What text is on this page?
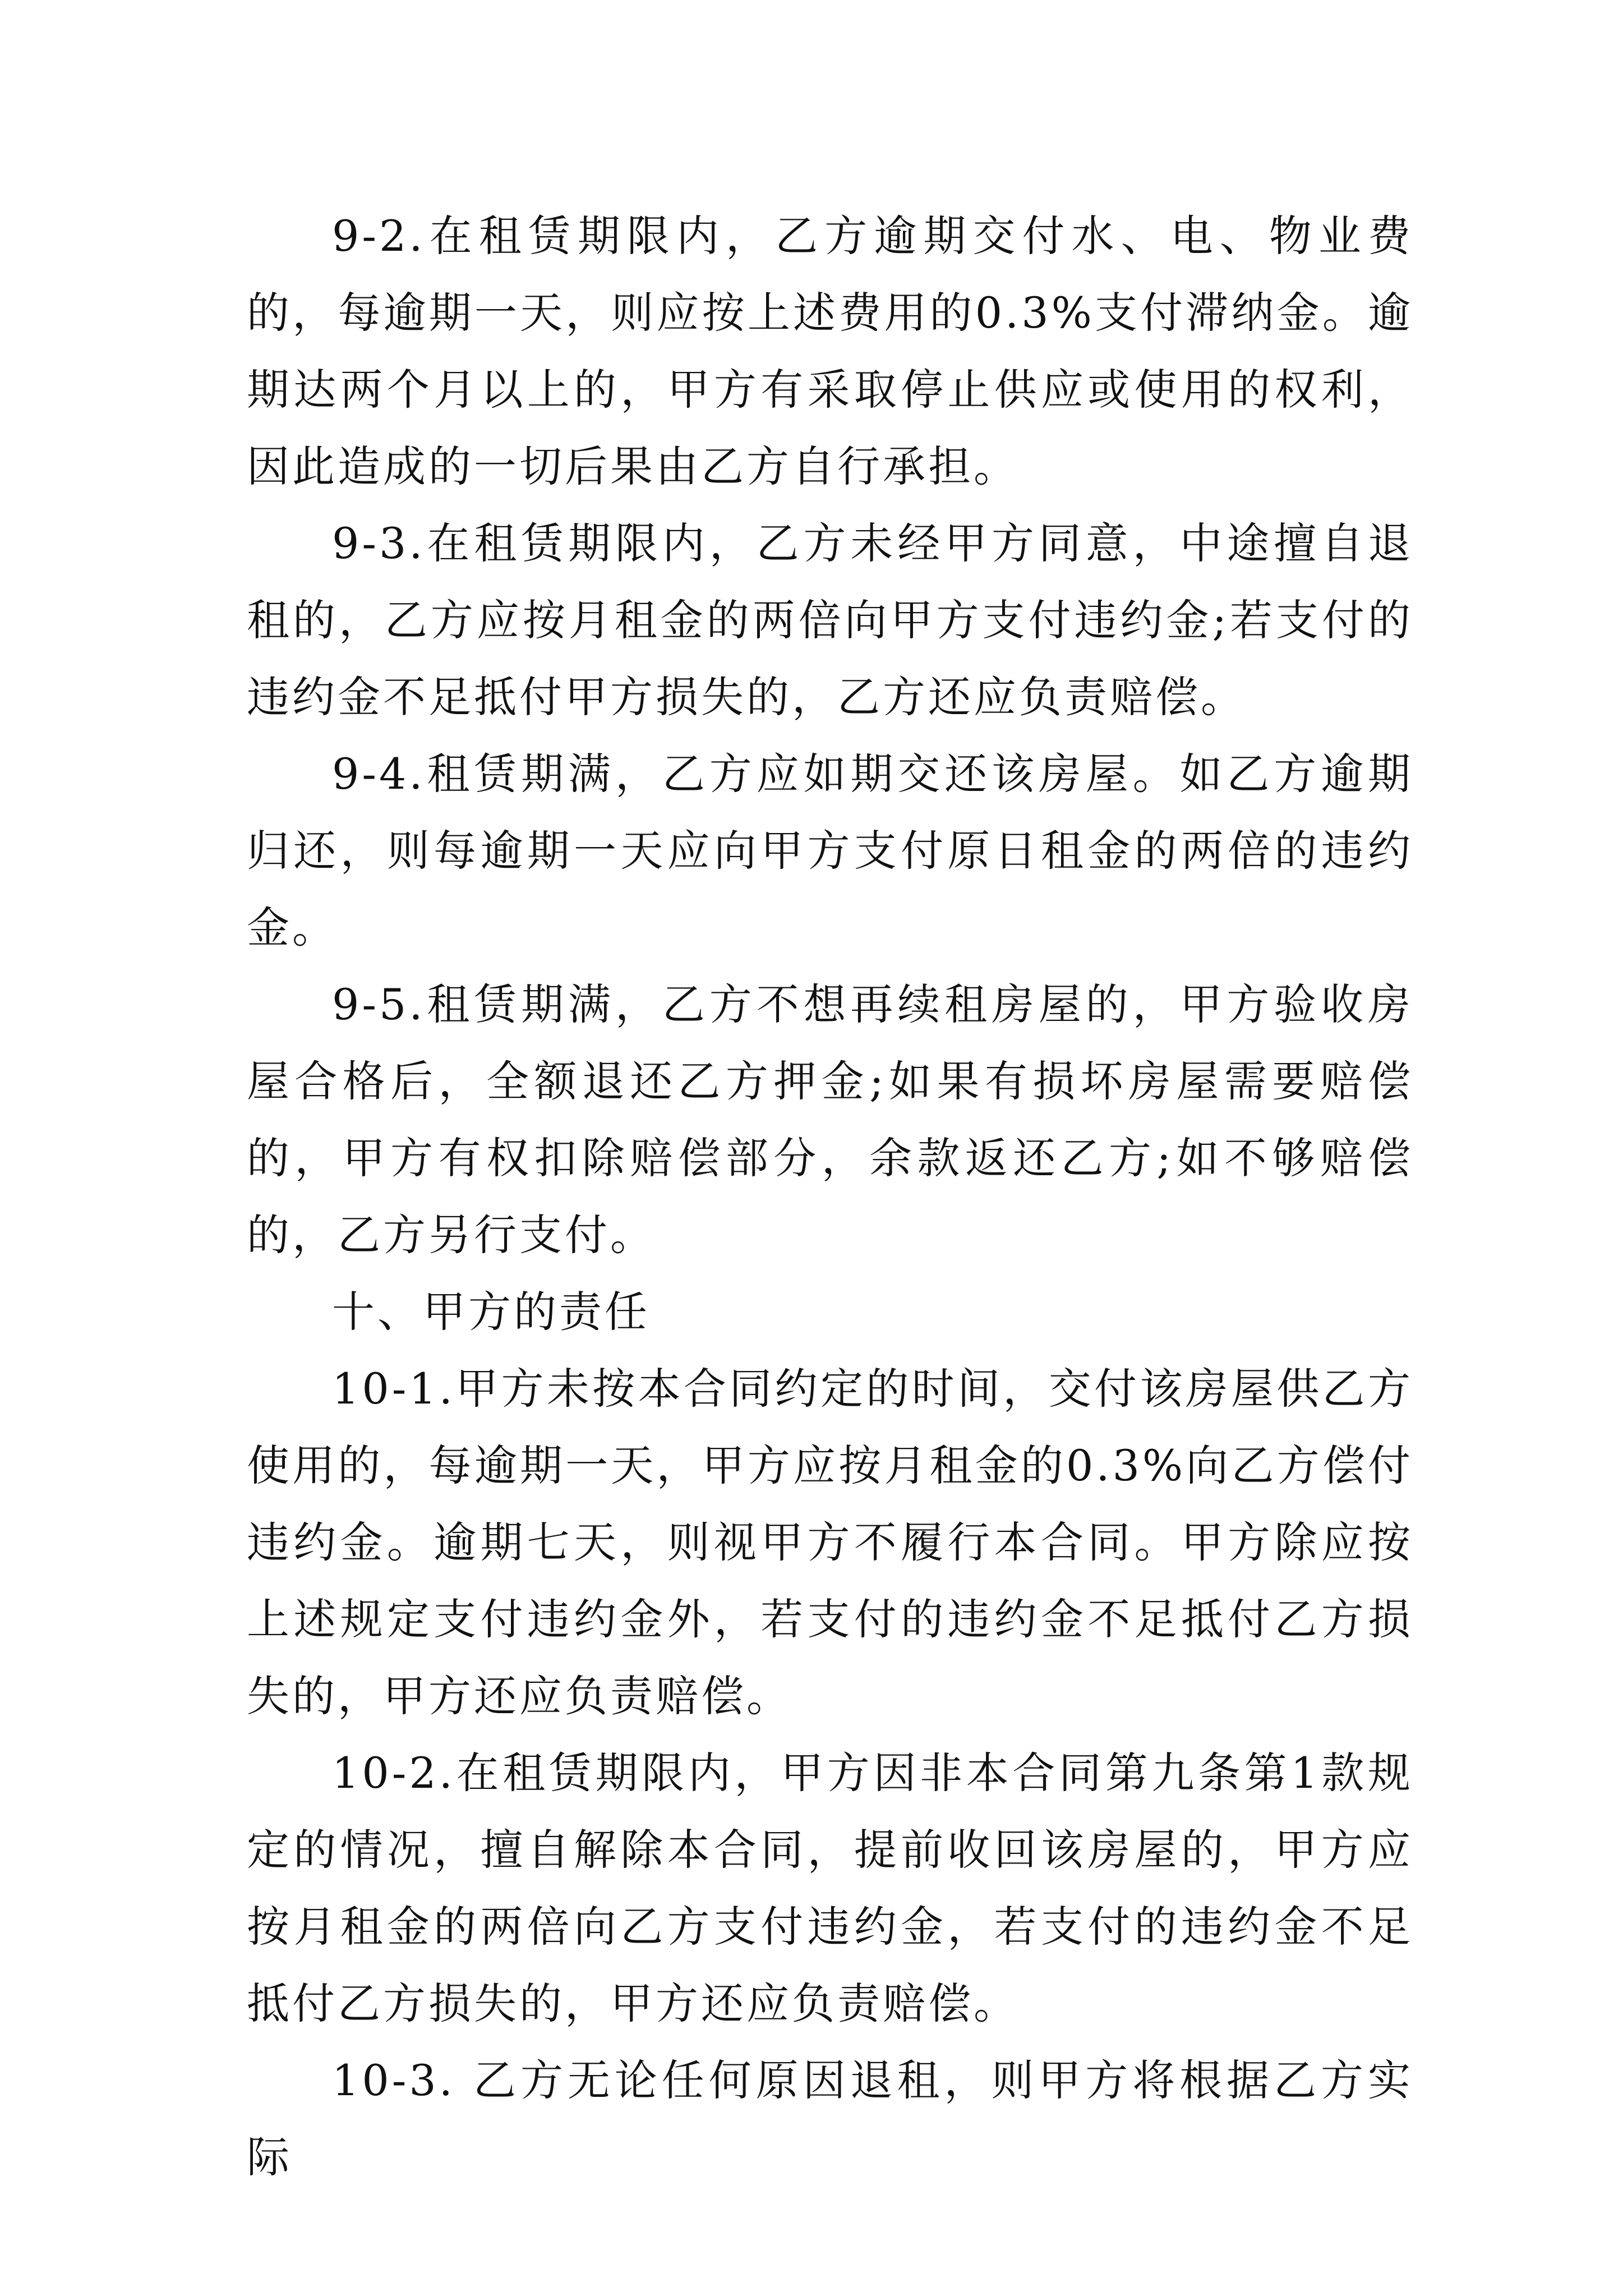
9-2.在租赁期限内，乙方逾期交付水、电、物业费的，每逾期一天，则应按上述费用的0.3%支付滞纳金。逾期达两个月以上的，甲方有采取停止供应或使用的权利，因此造成的一切后果由乙方自行承担。

9-3.在租赁期限内，乙方未经甲方同意，中途擅自退租的，乙方应按月租金的两倍向甲方支付违约金;若支付的违约金不足抵付甲方损失的，乙方还应负责赔偿。

9-4.租赁期满，乙方应如期交还该房屋。如乙方逾期归还，则每逾期一天应向甲方支付原日租金的两倍的违约金。

9-5.租赁期满，乙方不想再续租房屋的，甲方验收房屋合格后，全额退还乙方押金;如果有损坏房屋需要赔偿的，甲方有权扣除赔偿部分，余款返还乙方;如不够赔偿的，乙方另行支付。

十、甲方的责任

10-1.甲方未按本合同约定的时间，交付该房屋供乙方使用的，每逾期一天，甲方应按月租金的0.3%向乙方偿付违约金。逾期七天，则视甲方不履行本合同。甲方除应按上述规定支付违约金外，若支付的违约金不足抵付乙方损失的，甲方还应负责赔偿。

10-2.在租赁期限内，甲方因非本合同第九条第1款规定的情况，擅自解除本合同，提前收回该房屋的，甲方应按月租金的两倍向乙方支付违约金，若支付的违约金不足抵付乙方损失的，甲方还应负责赔偿。

10-3. 乙方无论任何原因退租，则甲方将根据乙方实际
